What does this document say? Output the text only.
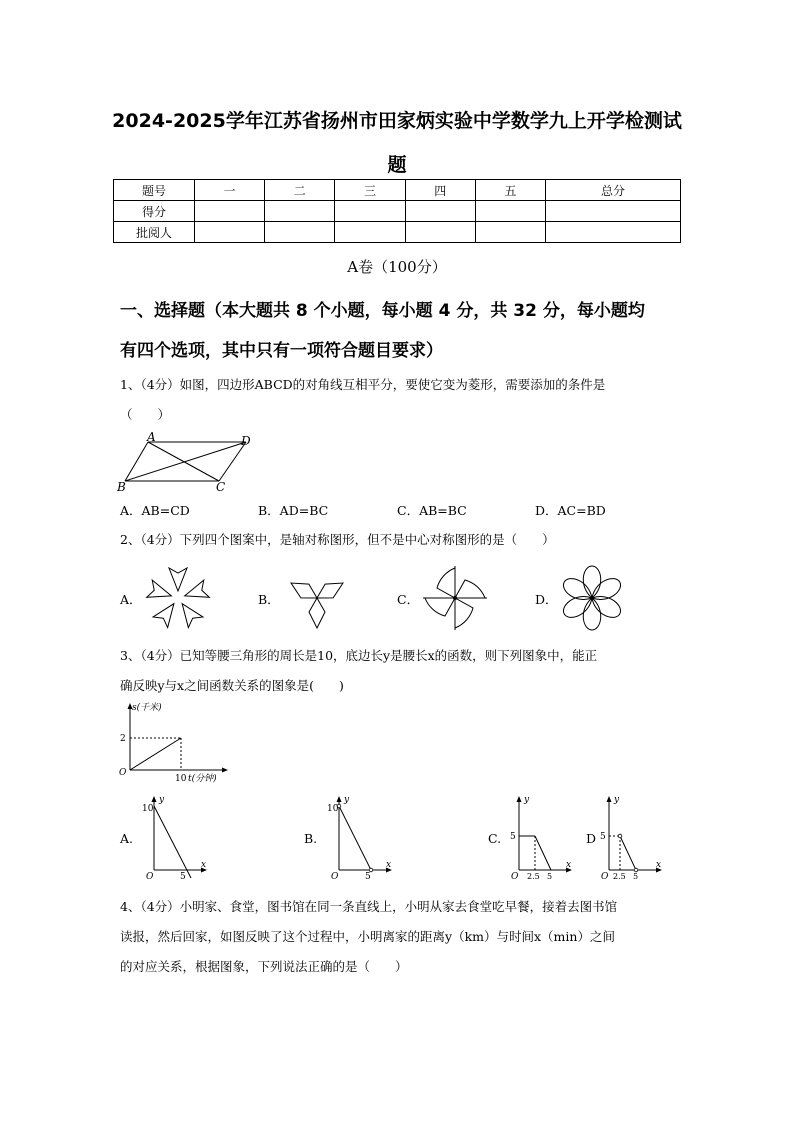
2024-2025学年江苏省扬州市田家炳实验中学数学九上开学检测试
题
题号	一	二	三	四	五	总分
得分						
批阅人						
A卷（100分）
一、选择题（本大题共 8 个小题，每小题 4 分，共 32 分，每小题均
有四个选项，其中只有一项符合题目要求）
1、（4分）如图，四边形ABCD的对角线互相平分，要使它变为菱形，需要添加的条件是
（　　）
A	D
B	C
A．AB=CD	B．AD=BC	C．AB=BC	D．AC=BD
2、（4分）下列四个图案中，是轴对称图形，但不是中心对称图形的是（　　）
A．	B．	C．	D．
3、（4分）已知等腰三角形的周长是10，底边长y是腰长x的函数，则下列图象中，能正
确反映y与x之间函数关系的图象是(　　)
s(千米)
t(分钟)
2
10
O
A.	B.	C.	D
y
10
x
5
O
y
10
x
5
O
y
5
x
2.5 5
O
y
5
x
2.5 5
O
4、（4分）小明家、食堂，图书馆在同一条直线上，小明从家去食堂吃早餐，接着去图书馆
读报，然后回家，如图反映了这个过程中，小明离家的距离y（km）与时间x（min）之间
的对应关系，根据图象，下列说法正确的是（　　）
